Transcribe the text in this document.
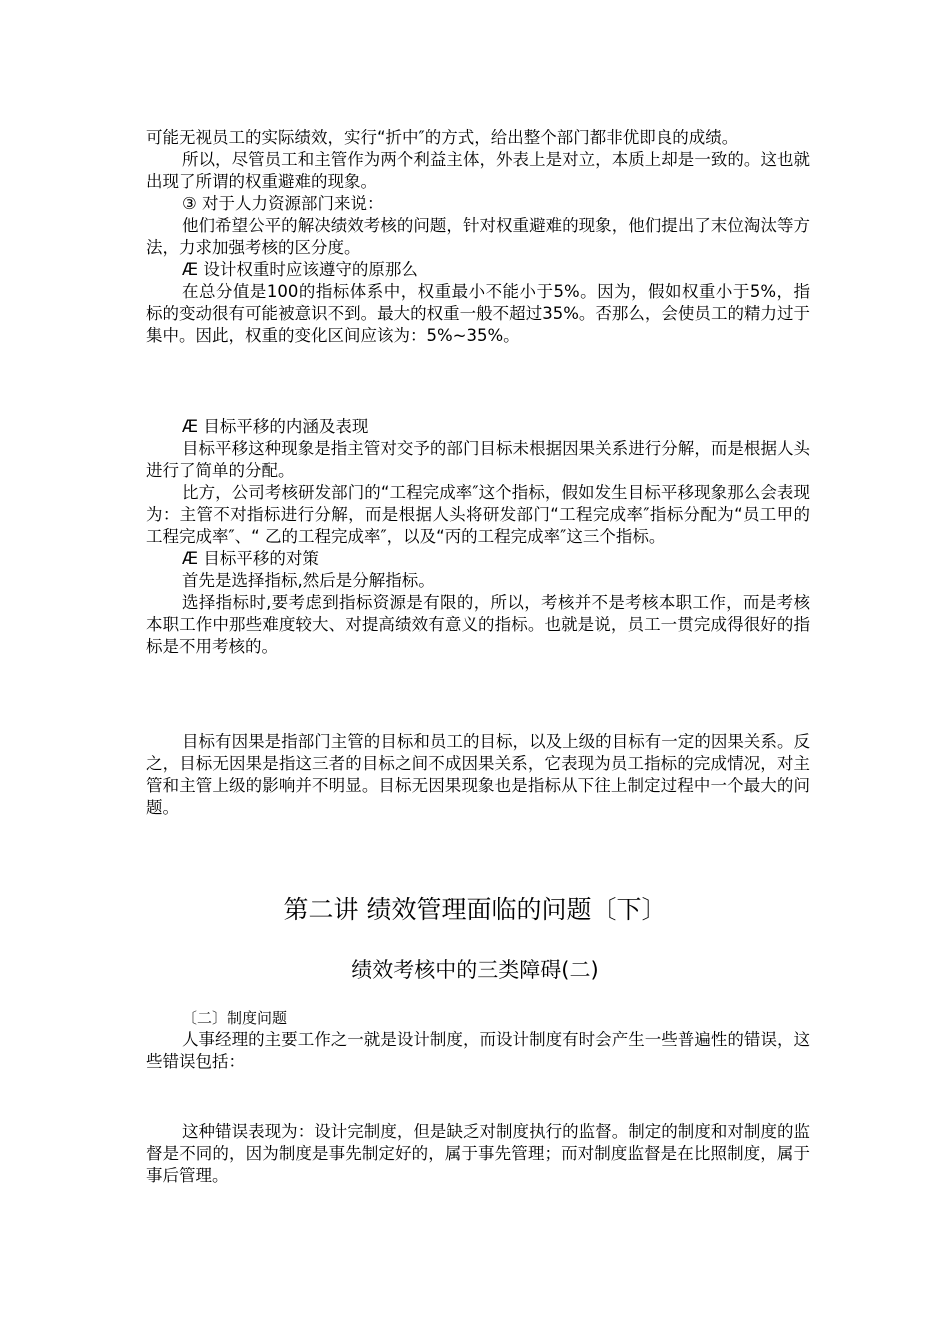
可能无视员工的实际绩效，实行“折中″的方式，给出整个部门都非优即良的成绩。

所以，尽管员工和主管作为两个利益主体，外表上是对立，本质上却是一致的。这也就出现了所谓的权重避难的现象。

③ 对于人力资源部门来说：

他们希望公平的解决绩效考核的问题，针对权重避难的现象，他们提出了末位淘汰等方法，力求加强考核的区分度。

Æ 设计权重时应该遵守的原那么

在总分值是100的指标体系中，权重最小不能小于5%。因为，假如权重小于5%，指标的变动很有可能被意识不到。最大的权重一般不超过35%。否那么，会使员工的精力过于集中。因此，权重的变化区间应该为：5%~35%。

Æ 目标平移的内涵及表现

目标平移这种现象是指主管对交予的部门目标未根据因果关系进行分解，而是根据人头进行了简单的分配。

比方，公司考核研发部门的“工程完成率″这个指标，假如发生目标平移现象那么会表现为：主管不对指标进行分解，而是根据人头将研发部门“工程完成率″指标分配为“员工甲的工程完成率″、“ 乙的工程完成率″，以及“丙的工程完成率″这三个指标。

Æ 目标平移的对策

首先是选择指标,然后是分解指标。

选择指标时,要考虑到指标资源是有限的，所以，考核并不是考核本职工作，而是考核本职工作中那些难度较大、对提高绩效有意义的指标。也就是说，员工一贯完成得很好的指标是不用考核的。

目标有因果是指部门主管的目标和员工的目标，以及上级的目标有一定的因果关系。反之，目标无因果是指这三者的目标之间不成因果关系，它表现为员工指标的完成情况，对主管和主管上级的影响并不明显。目标无因果现象也是指标从下往上制定过程中一个最大的问题。

第二讲 绩效管理面临的问题〔下〕
绩效考核中的三类障碍(二)

〔二〕制度问题

人事经理的主要工作之一就是设计制度，而设计制度有时会产生一些普遍性的错误，这些错误包括：

这种错误表现为：设计完制度，但是缺乏对制度执行的监督。制定的制度和对制度的监督是不同的，因为制度是事先制定好的，属于事先管理；而对制度监督是在比照制度，属于事后管理。
